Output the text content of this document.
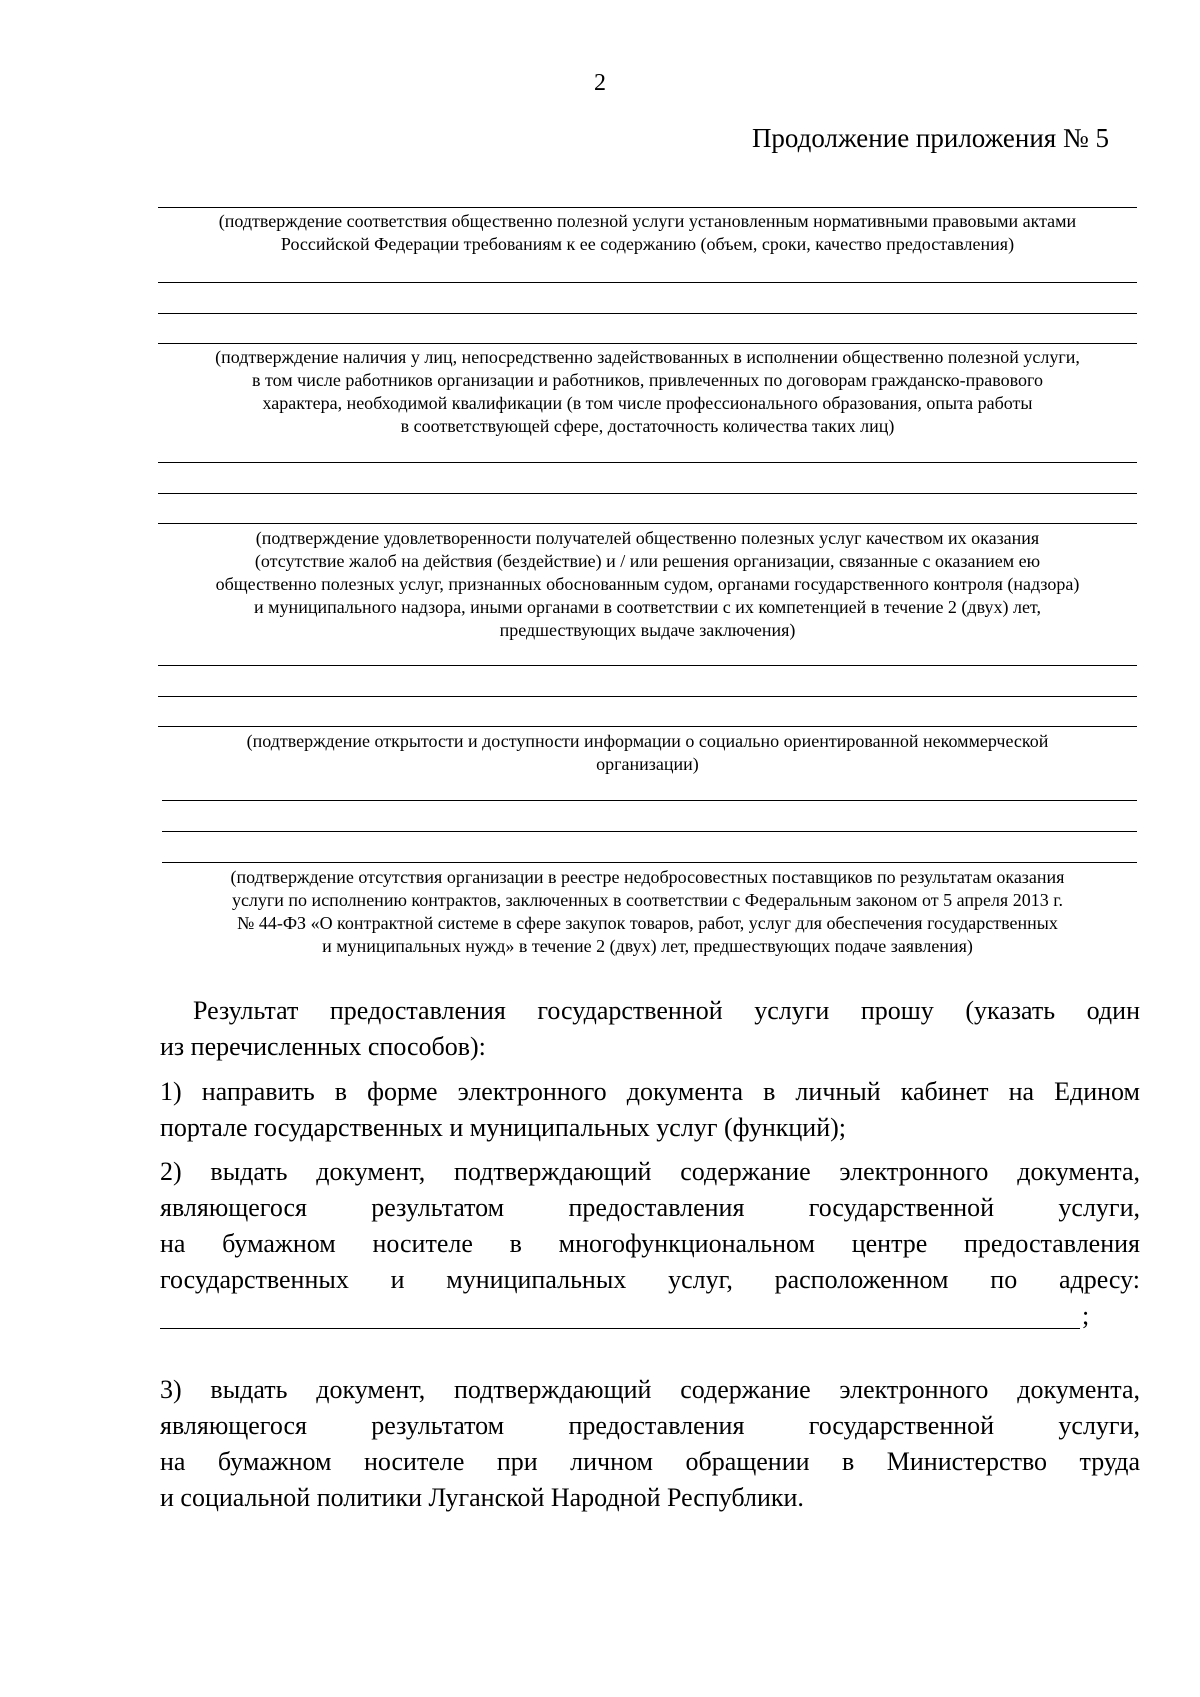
2
Продолжение приложения № 5
(подтверждение соответствия общественно полезной услуги установленным нормативными правовыми актами
Российской Федерации требованиям к ее содержанию (объем, сроки, качество предоставления)
(подтверждение наличия у лиц, непосредственно задействованных в исполнении общественно полезной услуги,
в том числе работников организации и работников, привлеченных по договорам гражданско-правового
характера, необходимой квалификации (в том числе профессионального образования, опыта работы
в соответствующей сфере, достаточность количества таких лиц)
(подтверждение удовлетворенности получателей общественно полезных услуг качеством их оказания
(отсутствие жалоб на действия (бездействие) и / или решения организации, связанные с оказанием ею
общественно полезных услуг, признанных обоснованным судом, органами государственного контроля (надзора)
и муниципального надзора, иными органами в соответствии с их компетенцией в течение 2 (двух) лет,
предшествующих выдаче заключения)
(подтверждение открытости и доступности информации о социально ориентированной некоммерческой
организации)
(подтверждение отсутствия организации в реестре недобросовестных поставщиков по результатам оказания
услуги по исполнению контрактов, заключенных в соответствии с Федеральным законом от 5 апреля 2013 г.
№ 44-ФЗ «О контрактной системе в сфере закупок товаров, работ, услуг для обеспечения государственных
и муниципальных нужд» в течение 2 (двух) лет, предшествующих подаче заявления)
Результат предоставления государственной услуги прошу (указать один
из перечисленных способов):
1) направить в форме электронного документа в личный кабинет на Едином
портале государственных и муниципальных услуг (функций);
2) выдать документ, подтверждающий содержание электронного документа,
являющегося результатом предоставления государственной услуги,
на бумажном носителе в многофункциональном центре предоставления
государственных и муниципальных услуг, расположенном по адресу:
;
3) выдать документ, подтверждающий содержание электронного документа,
являющегося результатом предоставления государственной услуги,
на бумажном носителе при личном обращении в Министерство труда
и социальной политики Луганской Народной Республики.
